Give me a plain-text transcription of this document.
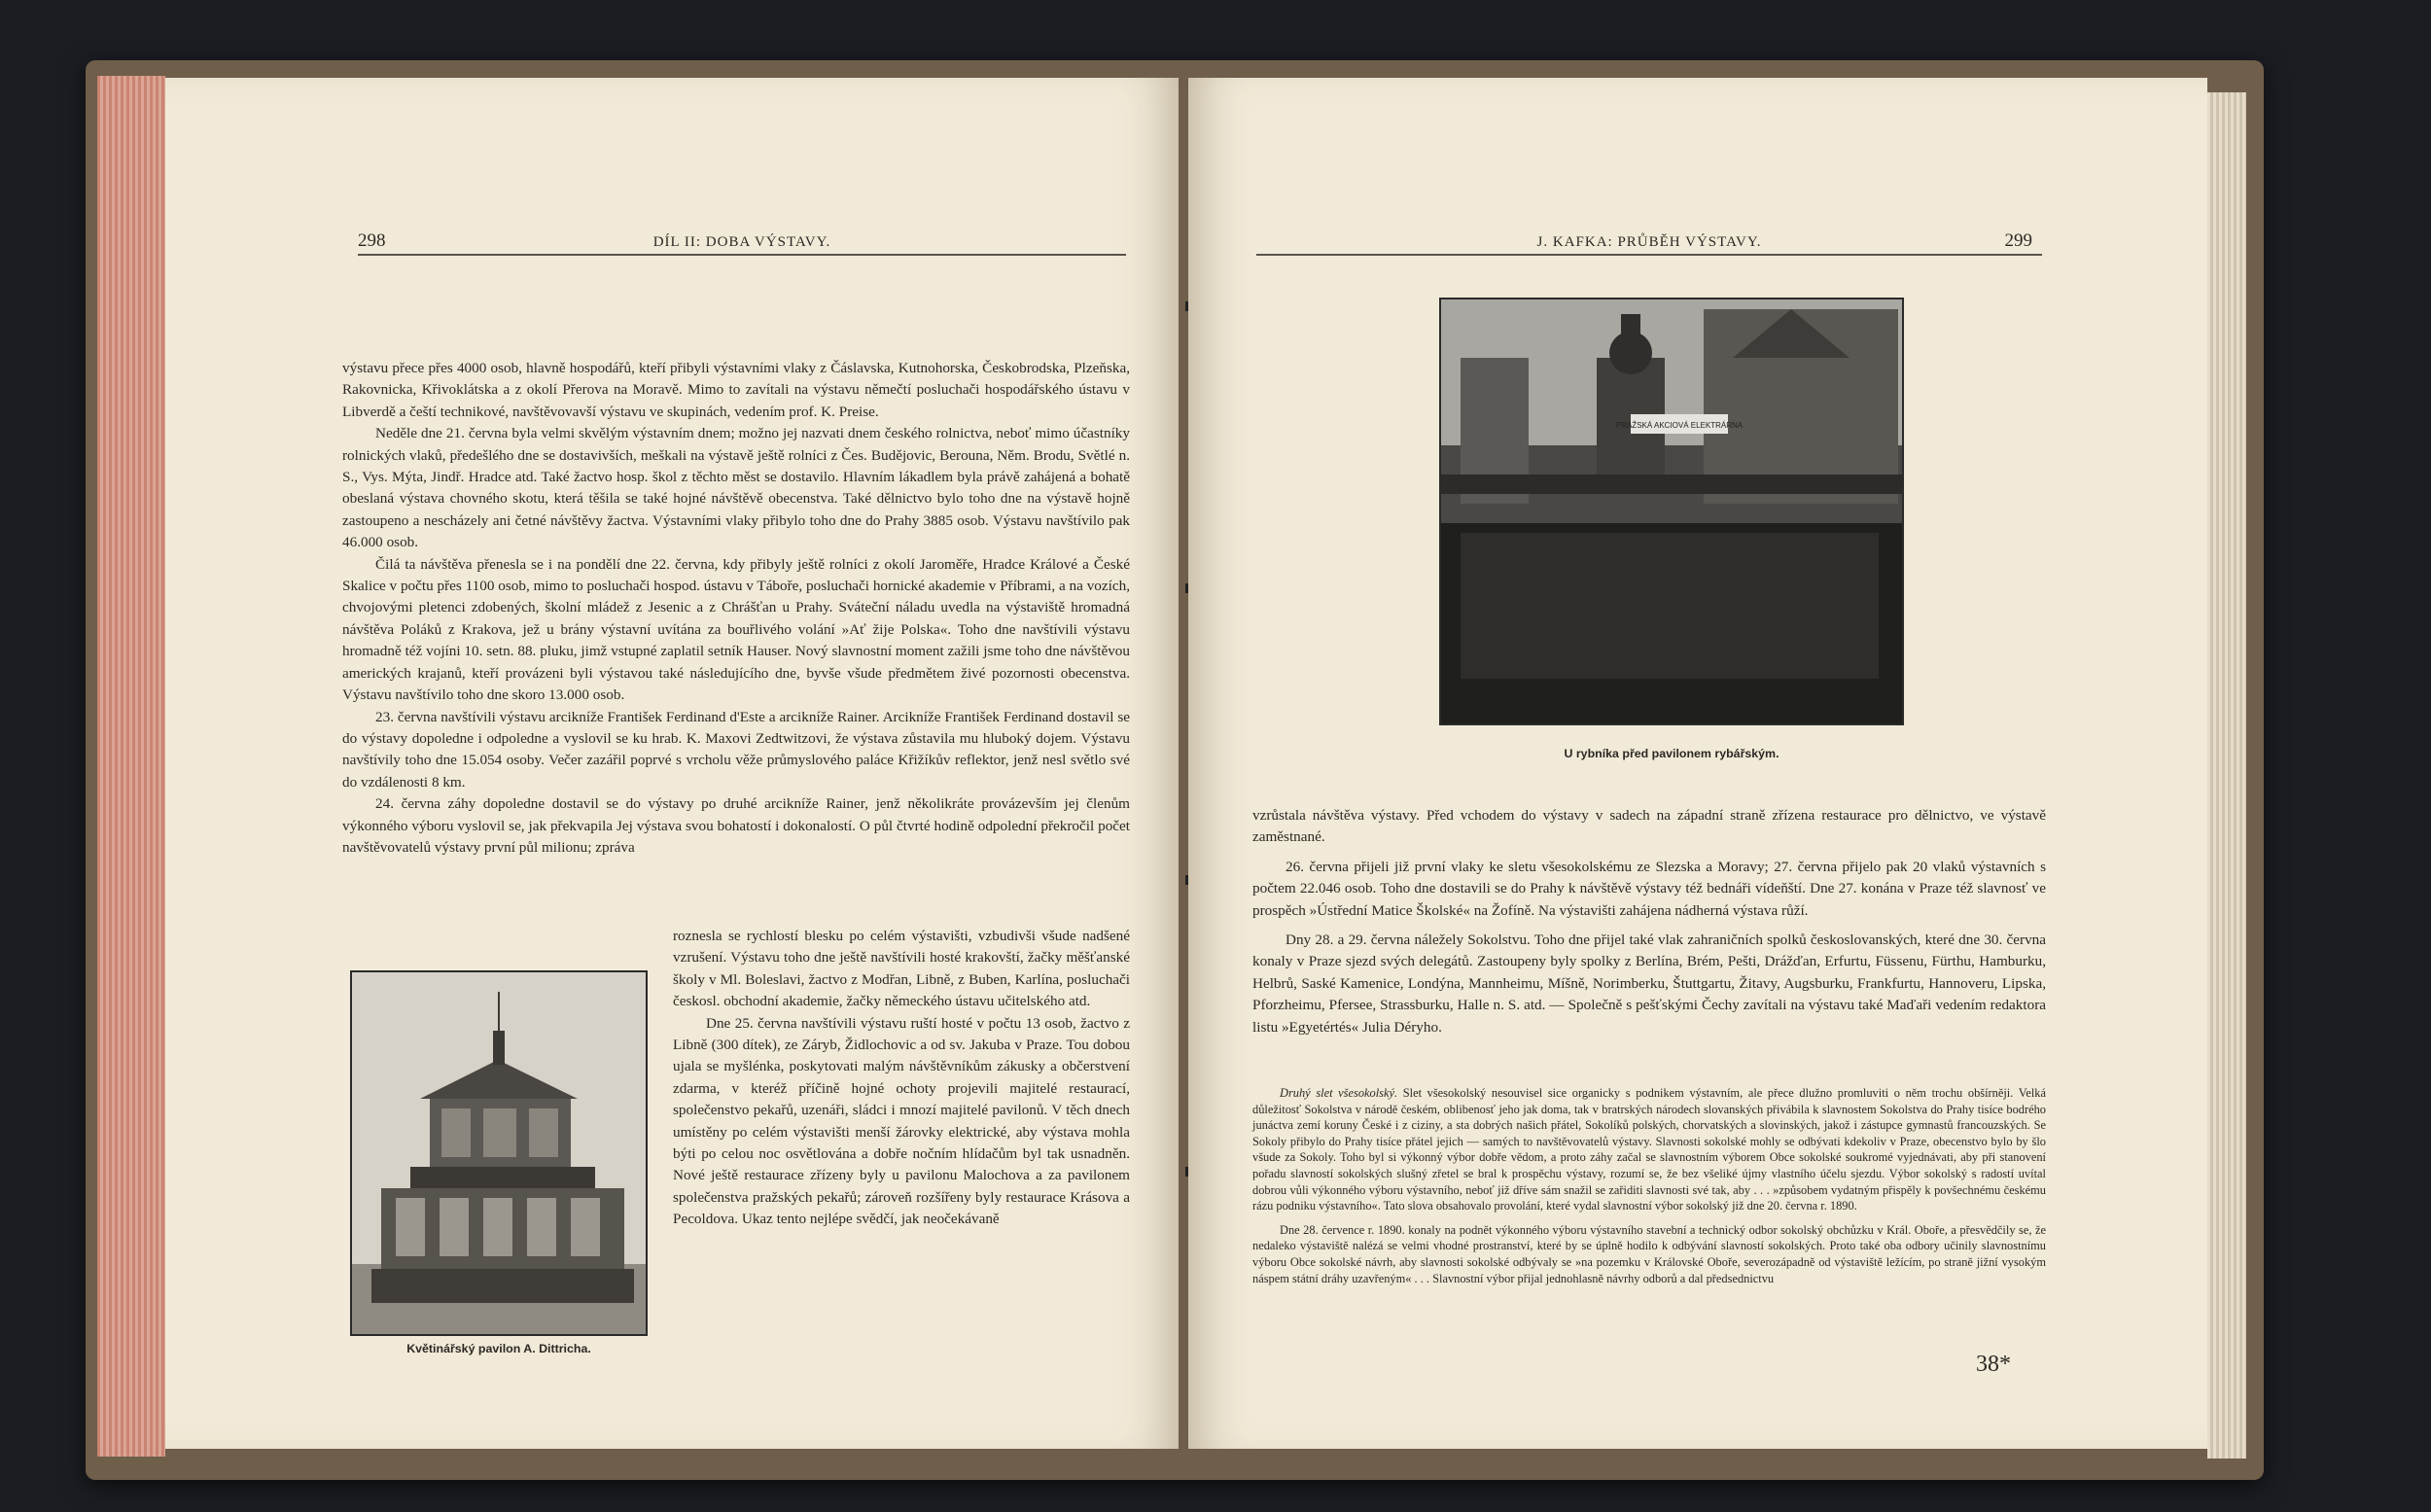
298	DÍL II: DOBA VÝSTAVY.

výstavu přece přes 4000 osob, hlavně hospodářů, kteří přibyli výstavními vlaky z Čáslavska, Kutnohorska, Českobrodska, Plzeňska, Rakovnicka, Křivoklátska a z okolí Přerova na Moravě. Mimo to zavítali na výstavu němečtí posluchači hospodářského ústavu v Libverdě a čeští technikové, navštěvovavší výstavu ve skupinách, vedením prof. K. Preise.

Neděle dne 21. června byla velmi skvělým výstavním dnem; možno jej nazvati dnem českého rolnictva, neboť mimo účastníky rolnických vlaků, předešlého dne se dostavivších, meškali na výstavě ještě rolníci z Čes. Budějovic, Berouna, Něm. Brodu, Světlé n. S., Vys. Mýta, Jindř. Hradce atd. Také žactvo hosp. škol z těchto měst se dostavilo. Hlavním lákadlem byla právě zahájená a bohatě obeslaná výstava chovného skotu, která těšila se také hojné návštěvě obecenstva. Také dělnictvo bylo toho dne na výstavě hojně zastoupeno a nescházely ani četné návštěvy žactva. Výstavními vlaky přibylo toho dne do Prahy 3885 osob. Výstavu navštívilo pak 46.000 osob.

Čilá ta návštěva přenesla se i na pondělí dne 22. června, kdy přibyly ještě rolníci z okolí Jaroměře, Hradce Králové a České Skalice v počtu přes 1100 osob, mimo to posluchači hospod. ústavu v Táboře, posluchači hornické akademie v Příbrami, a na vozích, chvojovými pletenci zdobených, školní mládež z Jesenic a z Chrášťan u Prahy. Sváteční náladu uvedla na výstaviště hromadná návštěva Poláků z Krakova, jež u brány výstavní uvítána za bouřlivého volání »Ať žije Polska«. Toho dne navštívili výstavu hromadně též vojíni 10. setn. 88. pluku, jimž vstupné zaplatil setník Hauser. Nový slavnostní moment zažili jsme toho dne návštěvou amerických krajanů, kteří provázeni byli výstavou také následujícího dne, byvše všude předmětem živé pozornosti obecenstva. Výstavu navštívilo toho dne skoro 13.000 osob.

23. června navštívili výstavu arcikníže František Ferdinand d'Este a arcikníže Rainer. Arcikníže František Ferdinand dostavil se do výstavy dopoledne i odpoledne a vyslovil se ku hrab. K. Maxovi Zedtwitzovi, že výstava zůstavila mu hluboký dojem. Výstavu navštívily toho dne 15.054 osoby. Večer zazářil poprvé s vrcholu věže průmyslového paláce Křižíkův reflektor, jenž nesl světlo své do vzdálenosti 8 km.

24. června záhy dopoledne dostavil se do výstavy po druhé arcikníže Rainer, jenž několikráte provázevším jej členům výkonného výboru vyslovil se, jak překvapila Jej výstava svou bohatostí i dokonalostí. O půl čtvrté hodině odpolední překročil počet navštěvovatelů výstavy první půl milionu; zpráva

roznesla se rychlostí blesku po celém výstavišti, vzbudivši všude nadšené vzrušení. Výstavu toho dne ještě navštívili hosté krakovští, žačky měšťanské školy v Ml. Boleslavi, žactvo z Modřan, Libně, z Buben, Karlína, posluchači českosl. obchodní akademie, žačky německého ústavu učitelského atd.

Dne 25. června navštívili výstavu ruští hosté v počtu 13 osob, žactvo z Libně (300 dítek), ze Záryb, Židlochovic a od sv. Jakuba v Praze. Tou dobou ujala se myšlénka, poskytovati malým návštěvníkům zákusky a občerstvení zdarma, v kteréž příčině hojné ochoty projevili majitelé restaurací, společenstvo pekařů, uzenáři, sládci i mnozí majitelé pavilonů. V těch dnech umístěny po celém výstavišti menší žárovky elektrické, aby výstava mohla býti po celou noc osvětlována a dobře nočním hlídačům byl tak usnadněn. Nové ještě restaurace zřízeny byly u pavilonu Malochova a za pavilonem společenstva pražských pekařů; zároveň rozšířeny byly restaurace Krásova a Pecoldova. Ukaz tento nejlépe svědčí, jak neočekávaně

Květinářský pavilon A. Dittricha.
J. KAFKA: PRŮBĚH VÝSTAVY.	299
PRAŽSKÁ AKCIOVÁ ELEKTRÁRNA
U rybníka před pavilonem rybářským.

vzrůstala návštěva výstavy. Před vchodem do výstavy v sadech na západní straně zřízena restaurace pro dělnictvo, ve výstavě zaměstnané.

26. června přijeli již první vlaky ke sletu všesokolskému ze Slezska a Moravy; 27. června přijelo pak 20 vlaků výstavních s počtem 22.046 osob. Toho dne dostavili se do Prahy k návštěvě výstavy též bednáři vídeňští. Dne 27. konána v Praze též slavnosť ve prospěch »Ústřední Matice Školské« na Žofíně. Na výstavišti zahájena nádherná výstava růží.

Dny 28. a 29. června náležely Sokolstvu. Toho dne přijel také vlak zahraničních spolků českoslovanských, které dne 30. června konaly v Praze sjezd svých delegátů. Zastoupeny byly spolky z Berlína, Brém, Pešti, Drážďan, Erfurtu, Füssenu, Fürthu, Hamburku, Helbrů, Saské Kamenice, Londýna, Mannheimu, Míšně, Norimberku, Štuttgartu, Žitavy, Augsburku, Frankfurtu, Hannoveru, Lipska, Pforzheimu, Pfersee, Strassburku, Halle n. S. atd. — Společně s pešťskými Čechy zavítali na výstavu také Maďaři vedením redaktora listu »Egyetértés« Julia Déryho.

Druhý slet všesokolský. Slet všesokolský nesouvisel sice organicky s podnikem výstavním, ale přece dlužno promluviti o něm trochu obšírněji. Velká důležitosť Sokolstva v národě českém, oblibenosť jeho jak doma, tak v bratrských národech slovanských přivábila k slavnostem Sokolstva do Prahy tisíce bodrého junáctva zemí koruny České i z ciziny, a sta dobrých našich přátel, Sokolíků polských, chorvatských a slovinských, jakož i zástupce gymnastů francouzských. Se Sokoly přibylo do Prahy tisíce přátel jejich — samých to navštěvovatelů výstavy. Slavnosti sokolské mohly se odbývati kdekoliv v Praze, obecenstvo bylo by šlo všude za Sokoly. Toho byl si výkonný výbor dobře vědom, a proto záhy začal se slavnostním výborem Obce sokolské soukromé vyjednávati, aby při stanovení pořadu slavností sokolských slušný zřetel se bral k prospěchu výstavy, rozumí se, že bez všeliké újmy vlastního účelu sjezdu. Výbor sokolský s radostí uvítal dobrou vůli výkonného výboru výstavního, neboť již dříve sám snažil se zařiditi slavnosti své tak, aby . . . »způsobem vydatným přispěly k povšechnému českému rázu podniku výstavního«. Tato slova obsahovalo provolání, které vydal slavnostní výbor sokolský již dne 20. června r. 1890.

Dne 28. července r. 1890. konaly na podnět výkonného výboru výstavního stavební a technický odbor sokolský obchůzku v Král. Oboře, a přesvědčily se, že nedaleko výstaviště nalézá se velmi vhodné prostranství, které by se úplně hodilo k odbývání slavností sokolských. Proto také oba odbory učinily slavnostnímu výboru Obce sokolské návrh, aby slavnosti sokolské odbývaly se »na pozemku v Královské Oboře, severozápadně od výstaviště ležícím, po straně jižní vysokým náspem státní dráhy uzavřeným« . . . Slavnostní výbor přijal jednohlasně návrhy odborů a dal předsednictvu

38*
